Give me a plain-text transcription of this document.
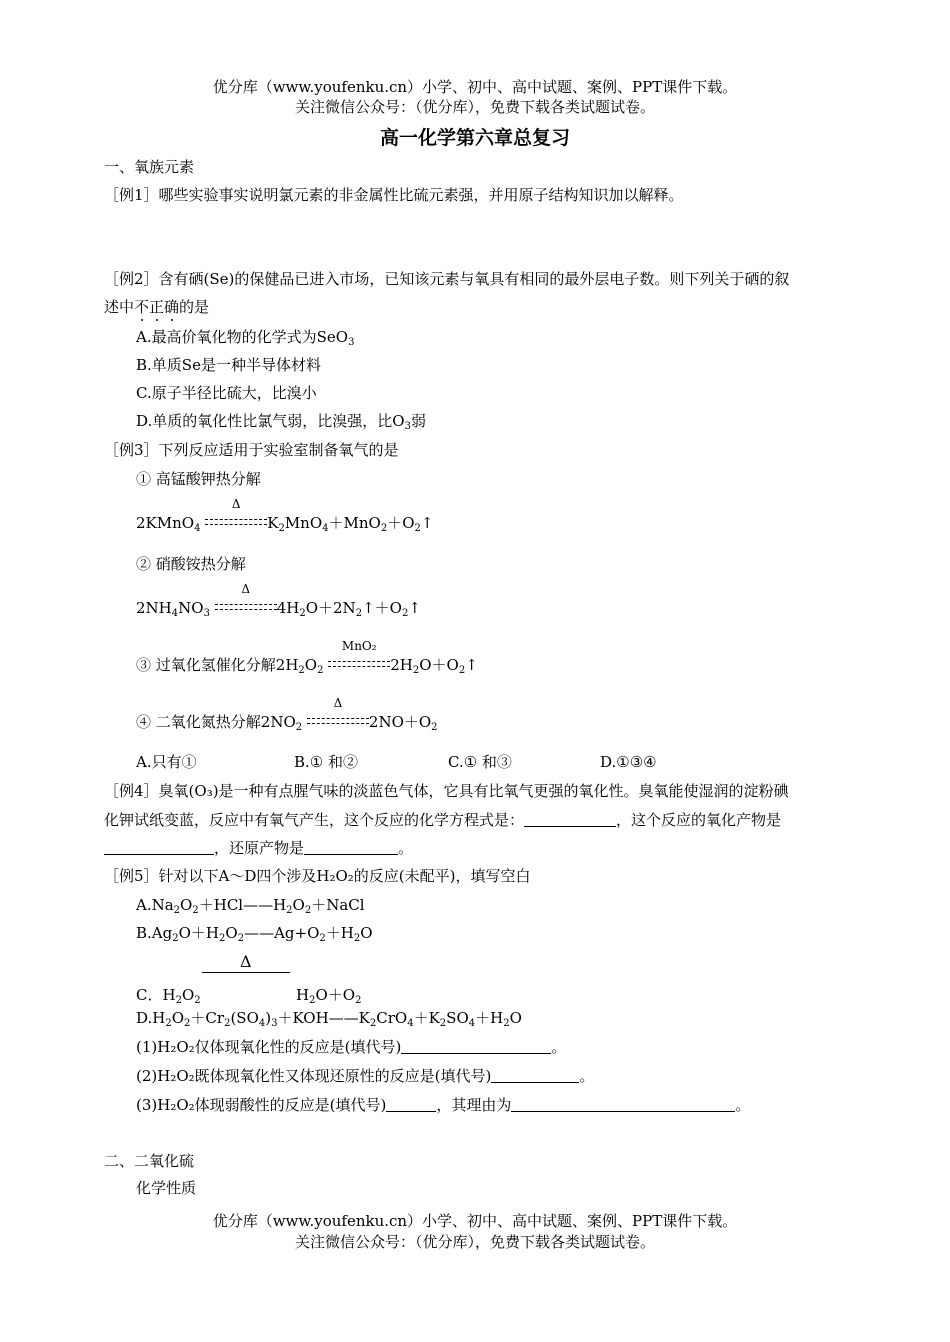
优分库（www.youfenku.cn）小学、初中、高中试题、案例、PPT课件下载。
关注微信公众号：（优分库），免费下载各类试题试卷。
高一化学第六章总复习
一、氧族元素
［例1］哪些实验事实说明氯元素的非金属性比硫元素强，并用原子结构知识加以解释。
［例2］含有硒(Se)的保健品已进入市场，已知该元素与氧具有相同的最外层电子数。则下列关于硒的叙
述中不正确的是
A.最高价氧化物的化学式为SeO$_3$
B.单质Se是一种半导体材料
C.原子半径比硫大，比溴小
D.单质的氧化性比氯气弱，比溴强，比$O_3$弱
［例3］下列反应适用于实验室制备氧气的是
① 高锰酸钾热分解
2KMnO$_4$
Δ
$K_2MnO_4+MnO_2+O_2↑$
② 硝酸铵热分解
$2NH_4NO_3$
Δ
$4H_2O+2N_2↑+O_2↑$
③ 过氧化氢催化分解$2H_2O_2$
MnO₂
$2H_2O+O_2↑$
④ 二氧化氮热分解$2NO_2$
Δ
$2NO+O_2$
A.只有①	B.① 和②	C.① 和③	D.①③④
［例4］臭氧(O₃)是一种有点腥气味的淡蓝色气体，它具有比氧气更强的氧化性。臭氧能使湿润的淀粉碘
化钾试纸变蓝，反应中有氧气产生，这个反应的化学方程式是：	，这个反应的氧化产物是
，还原产物是	。
［例5］针对以下A～D四个涉及H₂O₂的反应(未配平)，填写空白
$A.Na_2O_2+HCl——H_2O_2+NaCl$
$B.Ag_2O+H_2O_2——Ag+O_2+H_2O$
Δ
C．$H_2O_2$	$H_2O+O_2$
$D.H_2O_2+Cr_2(SO_4)_3+KOH——K_2CrO_4+K_2SO_4+H_2O$
(1)H₂O₂仅体现氧化性的反应是(填代号)	。
(2)H₂O₂既体现氧化性又体现还原性的反应是(填代号)	。
(3)H₂O₂体现弱酸性的反应是(填代号)	，其理由为	。
二、二氧化硫
化学性质
优分库（www.youfenku.cn）小学、初中、高中试题、案例、PPT课件下载。
关注微信公众号：（优分库），免费下载各类试题试卷。
